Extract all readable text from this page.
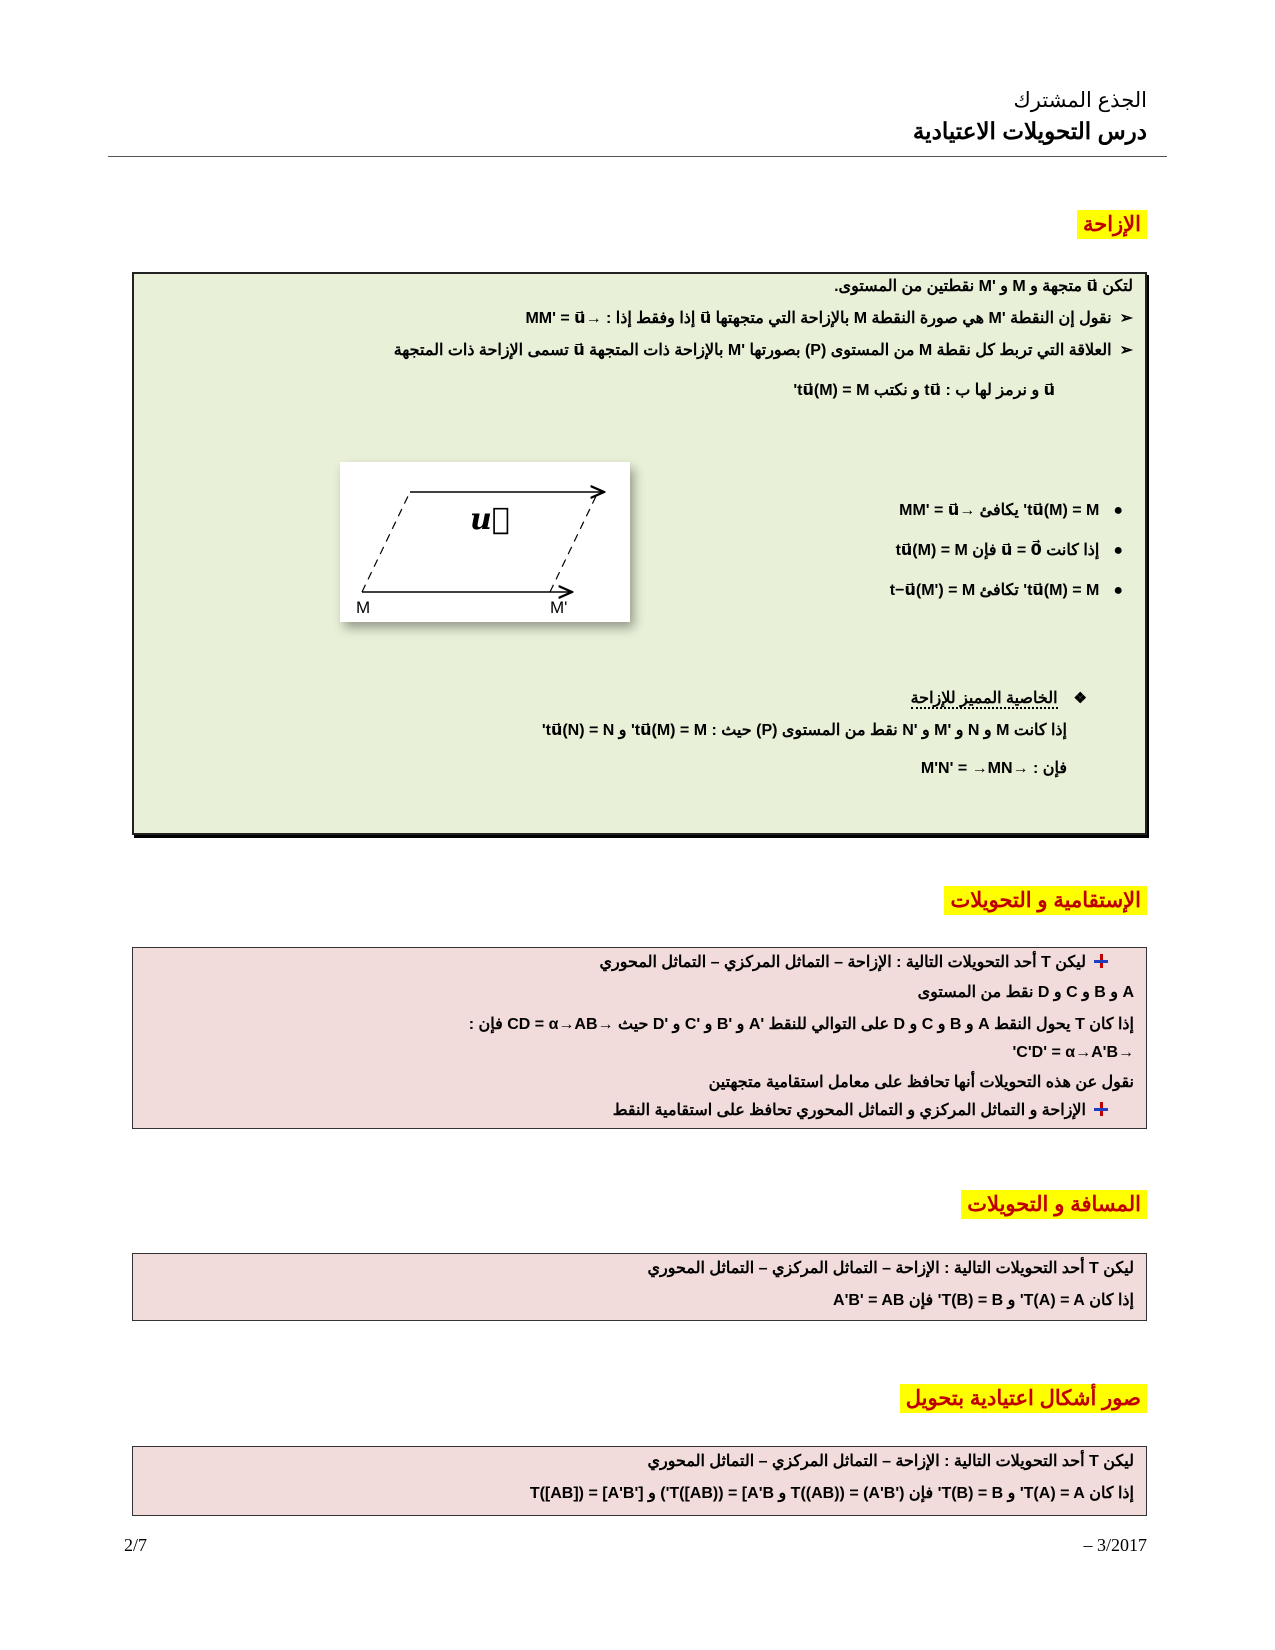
الجذع المشترك
درس التحويلات الاعتيادية
الإزاحة
لتكن u⃗ متجهة و M و 'M نقطتين من المستوى.
➢نقول إن النقطة 'M هي صورة النقطة M بالإزاحة التي متجهتها u⃗ إذا وفقط إذا : →MM' = u⃗
➢العلاقة التي تربط كل نقطة M من المستوى (P) بصورتها 'M بالإزاحة ذات المتجهة u⃗ تسمى الإزاحة ذات المتجهة
u⃗ و نرمز لها ب : tu⃗ و نكتب tu⃗(M) = M'
●tu⃗(M) = M' يكافئ →MM' = u⃗
●إذا كانت u⃗ = 0⃗ فإن tu⃗(M) = M
●tu⃗(M) = M' تكافئ t−u⃗(M') = M
❖الخاصية المميز للإزاحة
إذا كانت M و N و 'M و 'N نقط من المستوى (P) حيث : tu⃗(M) = M' و tu⃗(N) = N'
فإن : →M'N' = →MN
u⃗
M	M'
الإستقامية و التحويلات
ليكن T أحد التحويلات التالية : الإزاحة – التماثل المركزي – التماثل المحوري
A و B و C و D نقط من المستوى
إذا كان T يحول النقط A و B و C و D على التوالي للنقط 'A و 'B و 'C و 'D حيث →CD = α→AB فإن :
→C'D' = α→A'B'
نقول عن هذه التحويلات أنها تحافظ على معامل استقامية متجهتين
الإزاحة و التماثل المركزي و التماثل المحوري تحافظ على استقامية النقط
المسافة و التحويلات
ليكن T أحد التحويلات التالية : الإزاحة – التماثل المركزي – التماثل المحوري
إذا كان T(A) = A' و T(B) = B' فإن A'B' = AB
صور أشكال اعتيادية بتحويل
ليكن T أحد التحويلات التالية : الإزاحة – التماثل المركزي – التماثل المحوري
إذا كان T(A) = A' و T(B) = B' فإن T((AB)) = (A'B') و T([AB)) = [A'B') و T([AB]) = [A'B']
2/7	– 3/2017
